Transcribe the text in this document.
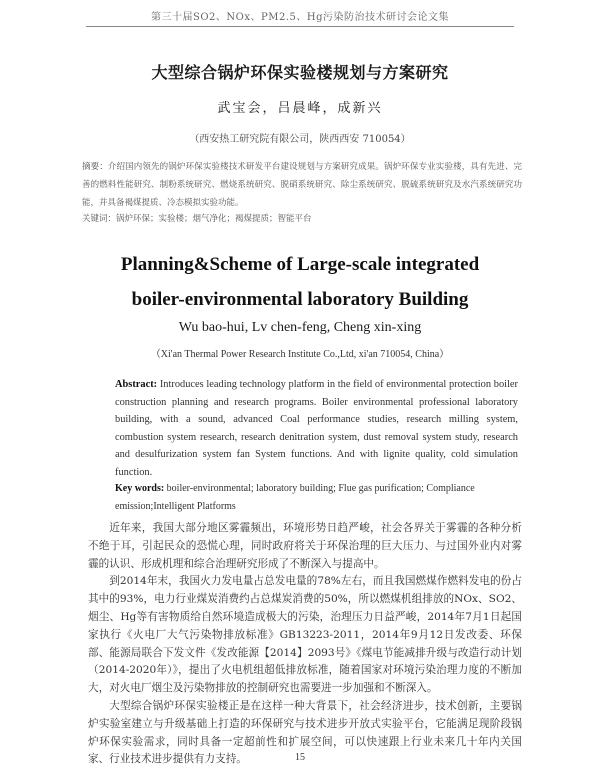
第三十届SO2、NOx、PM2.5、Hg污染防治技术研讨会论文集
大型综合锅炉环保实验楼规划与方案研究
武宝会，吕晨峰，成新兴
（西安热工研究院有限公司，陕西西安 710054）
摘要：介绍国内领先的锅炉环保实验楼技术研发平台建设规划与方案研究成果。锅炉环保专业实验楼，具有先进、完善的燃料性能研究、制粉系统研究、燃烧系统研究、脱硝系统研究、除尘系统研究、脱硫系统研究及水汽系统研究功能，并具备褐煤提质、冷态模拟实验功能。
关键词：锅炉环保；实验楼；烟气净化；褐煤提质；智能平台
Planning&Scheme of Large-scale integrated
boiler-environmental laboratory Building
Wu bao-hui, Lv chen-feng, Cheng xin-xing
（Xi'an Thermal Power Research Institute Co.,Ltd, xi'an 710054, China）
Abstract: Introduces leading technology platform in the field of environmental protection boiler construction planning and research programs. Boiler environmental professional laboratory building, with a sound, advanced Coal performance studies, research milling system, combustion system research, research denitration system, dust removal system study, research and desulfurization system fan System functions. And with lignite quality, cold simulation function.
Key words: boiler-environmental; laboratory building; Flue gas purification; Compliance emission;Intelligent Platforms

近年来，我国大部分地区雾霾频出，环境形势日趋严峻，社会各界关于雾霾的各种分析不绝于耳，引起民众的恐慌心理，同时政府将关于环保治理的巨大压力、与过国外业内对雾霾的认识、形成机理和综合治理研究形成了不断深入与提高中。

到2014年末，我国火力发电量占总发电量的78%左右，而且我国燃煤作燃料发电的份占其中的93%，电力行业煤炭消费约占总煤炭消费的50%，所以燃煤机组排放的NOx、SO2、烟尘、Hg等有害物质给自然环境造成极大的污染，治理压力日益严峻，2014年7月1日起国家执行《火电厂大气污染物排放标准》GB13223-2011，2014年9月12日发改委、环保部、能源局联合下发文件《发改能源【2014】2093号》《煤电节能减排升级与改造行动计划（2014-2020年）》，提出了火电机组超低排放标准，随着国家对环境污染治理力度的不断加大，对火电厂烟尘及污染物排放的控制研究也需要进一步加强和不断深入。

大型综合锅炉环保实验楼正是在这样一种大背景下，社会经济进步，技术创新，主要锅炉实验室建立与升级基础上打造的环保研究与技术进步开放式实验平台，它能满足现阶段锅炉环保实验需求，同时具备一定超前性和扩展空间，可以快速跟上行业未来几十年内关国家、行业技术进步提供有力支持。	15
